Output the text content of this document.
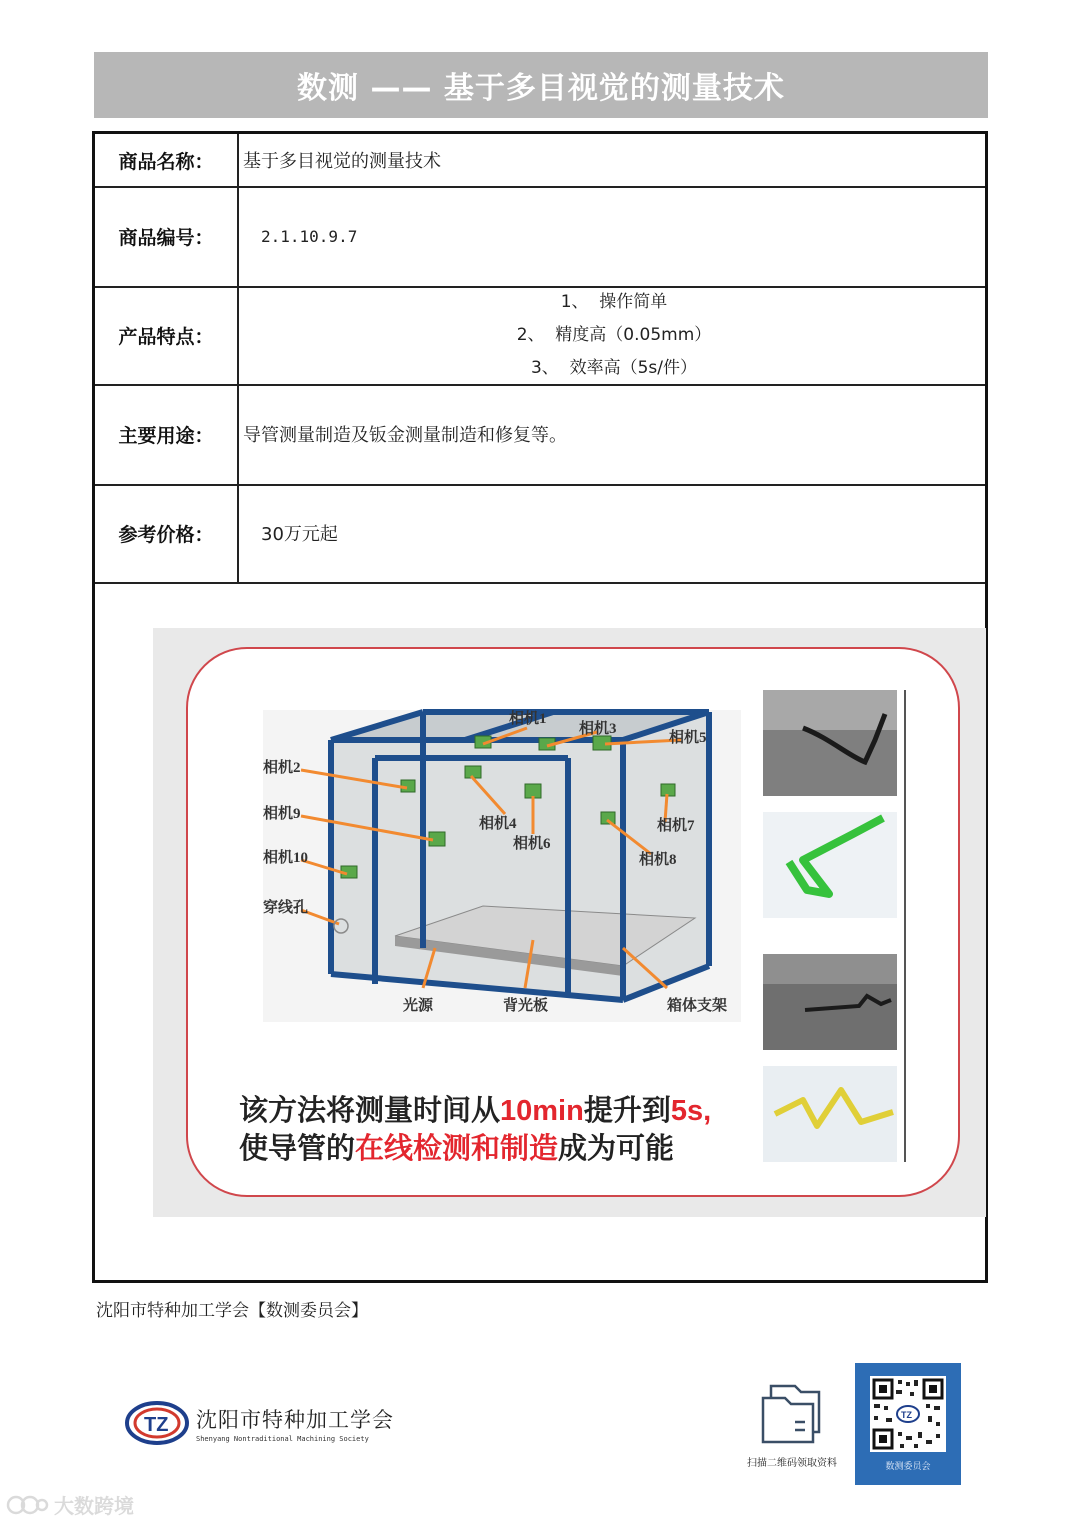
数测 —— 基于多目视觉的测量技术
商品名称：	基于多目视觉的测量技术
商品编号：	2.1.10.9.7
产品特点：
1、  操作简单
2、  精度高（0.05mm）
3、  效率高（5s/件）
主要用途：	导管测量制造及钣金测量制造和修复等。
参考价格：	30万元起
相机1
相机2
相机3
相机4
相机5
相机6
相机7
相机8
相机9
相机10
穿线孔
光源	背光板	箱体支架
该方法将测量时间从10min提升到5s,
使导管的在线检测和制造成为可能
沈阳市特种加工学会【数测委员会】
TZ 沈阳市特种加工学会
Shenyang Nontraditional Machining Society
扫描二维码领取资料
TZ
数测委员会
大数跨境
